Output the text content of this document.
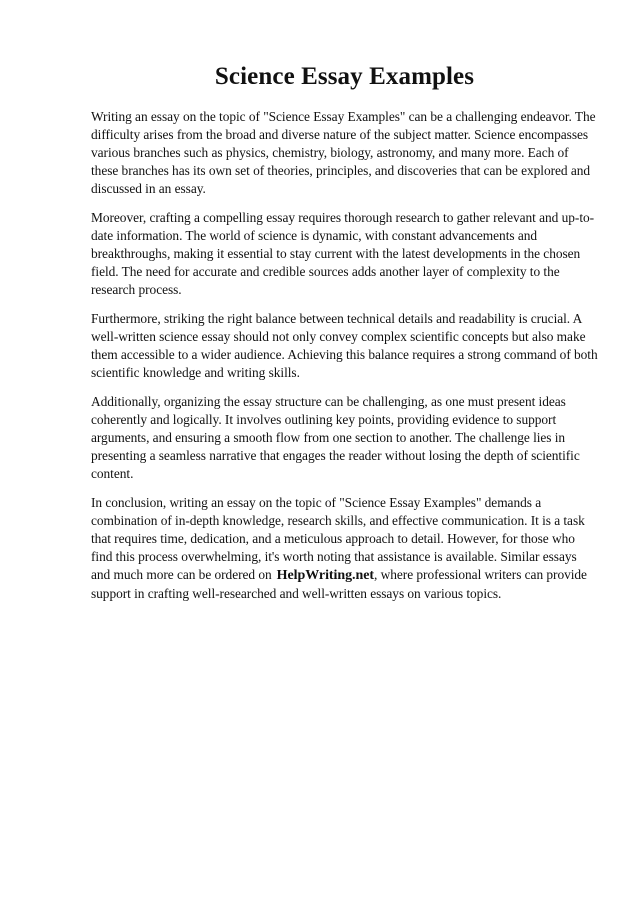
Science Essay Examples

Writing an essay on the topic of "Science Essay Examples" can be a challenging endeavor. The difficulty arises from the broad and diverse nature of the subject matter. Science encompasses various branches such as physics, chemistry, biology, astronomy, and many more. Each of these branches has its own set of theories, principles, and discoveries that can be explored and discussed in an essay.

Moreover, crafting a compelling essay requires thorough research to gather relevant and up-to-date information. The world of science is dynamic, with constant advancements and breakthroughs, making it essential to stay current with the latest developments in the chosen field. The need for accurate and credible sources adds another layer of complexity to the research process.

Furthermore, striking the right balance between technical details and readability is crucial. A well-written science essay should not only convey complex scientific concepts but also make them accessible to a wider audience. Achieving this balance requires a strong command of both scientific knowledge and writing skills.

Additionally, organizing the essay structure can be challenging, as one must present ideas coherently and logically. It involves outlining key points, providing evidence to support arguments, and ensuring a smooth flow from one section to another. The challenge lies in presenting a seamless narrative that engages the reader without losing the depth of scientific content.

In conclusion, writing an essay on the topic of "Science Essay Examples" demands a combination of in-depth knowledge, research skills, and effective communication. It is a task that requires time, dedication, and a meticulous approach to detail. However, for those who find this process overwhelming, it's worth noting that assistance is available. Similar essays and much more can be ordered on HelpWriting.net, where professional writers can provide support in crafting well-researched and well-written essays on various topics.
